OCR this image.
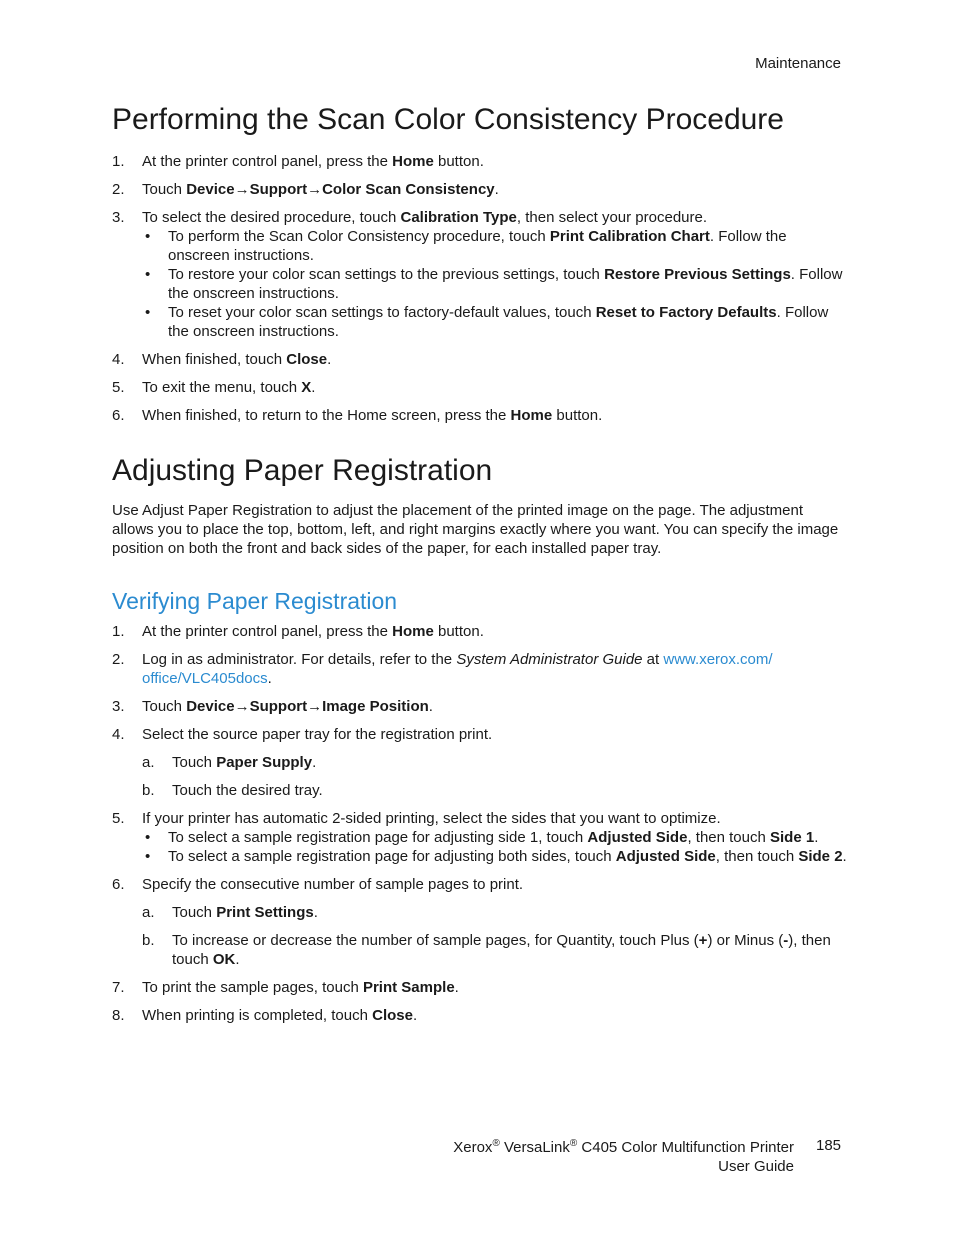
Maintenance
Performing the Scan Color Consistency Procedure
1. At the printer control panel, press the Home button.
2. Touch Device→Support→Color Scan Consistency.
3. To select the desired procedure, touch Calibration Type, then select your procedure.
• To perform the Scan Color Consistency procedure, touch Print Calibration Chart. Follow the onscreen instructions.
• To restore your color scan settings to the previous settings, touch Restore Previous Settings. Follow the onscreen instructions.
• To reset your color scan settings to factory-default values, touch Reset to Factory Defaults. Follow the onscreen instructions.
4. When finished, touch Close.
5. To exit the menu, touch X.
6. When finished, to return to the Home screen, press the Home button.
Adjusting Paper Registration

Use Adjust Paper Registration to adjust the placement of the printed image on the page. The adjustment allows you to place the top, bottom, left, and right margins exactly where you want. You can specify the image position on both the front and back sides of the paper, for each installed paper tray.

Verifying Paper Registration
1. At the printer control panel, press the Home button.
2. Log in as administrator. For details, refer to the System Administrator Guide at www.xerox.com/
office/VLC405docs.
3. Touch Device→Support→Image Position.
4. Select the source paper tray for the registration print.
a. Touch Paper Supply.
b. Touch the desired tray.
5. If your printer has automatic 2-sided printing, select the sides that you want to optimize.
• To select a sample registration page for adjusting side 1, touch Adjusted Side, then touch Side 1.
• To select a sample registration page for adjusting both sides, touch Adjusted Side, then touch Side 2.
6. Specify the consecutive number of sample pages to print.
a. Touch Print Settings.
b. To increase or decrease the number of sample pages, for Quantity, touch Plus (+) or Minus (-), then touch OK.
7. To print the sample pages, touch Print Sample.
8. When printing is completed, touch Close.
Xerox® VersaLink® C405 Color Multifunction Printer
User Guide
185
